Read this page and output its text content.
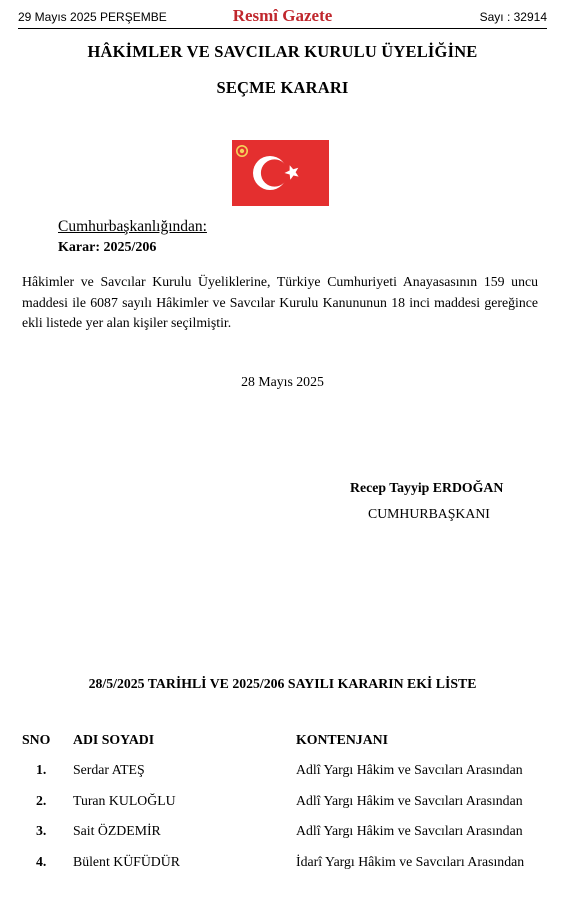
29 Mayıs 2025 PERŞEMBE	Resmî Gazete	Sayı : 32914
HÂKİMLER VE SAVCILAR KURULU ÜYELİĞİNE
SEÇME KARARI
Cumhurbaşkanlığından:
Karar: 2025/206
Hâkimler ve Savcılar Kurulu Üyeliklerine, Türkiye Cumhuriyeti Anayasasının 159 uncu maddesi ile 6087 sayılı Hâkimler ve Savcılar Kurulu Kanununun 18 inci maddesi gereğince ekli listede yer alan kişiler seçilmiştir.
28 Mayıs 2025
Recep Tayyip ERDOĞAN
CUMHURBAŞKANI
28/5/2025 TARİHLİ VE 2025/206 SAYILI KARARIN EKİ LİSTE
SNO ADI SOYADI	KONTENJANI
1. Serdar ATEŞ	Adlî Yargı Hâkim ve Savcıları Arasından
2. Turan KULOĞLU	Adlî Yargı Hâkim ve Savcıları Arasından
3. Sait ÖZDEMİR	Adlî Yargı Hâkim ve Savcıları Arasından
4. Bülent KÜFÜDÜR	İdarî Yargı Hâkim ve Savcıları Arasından
